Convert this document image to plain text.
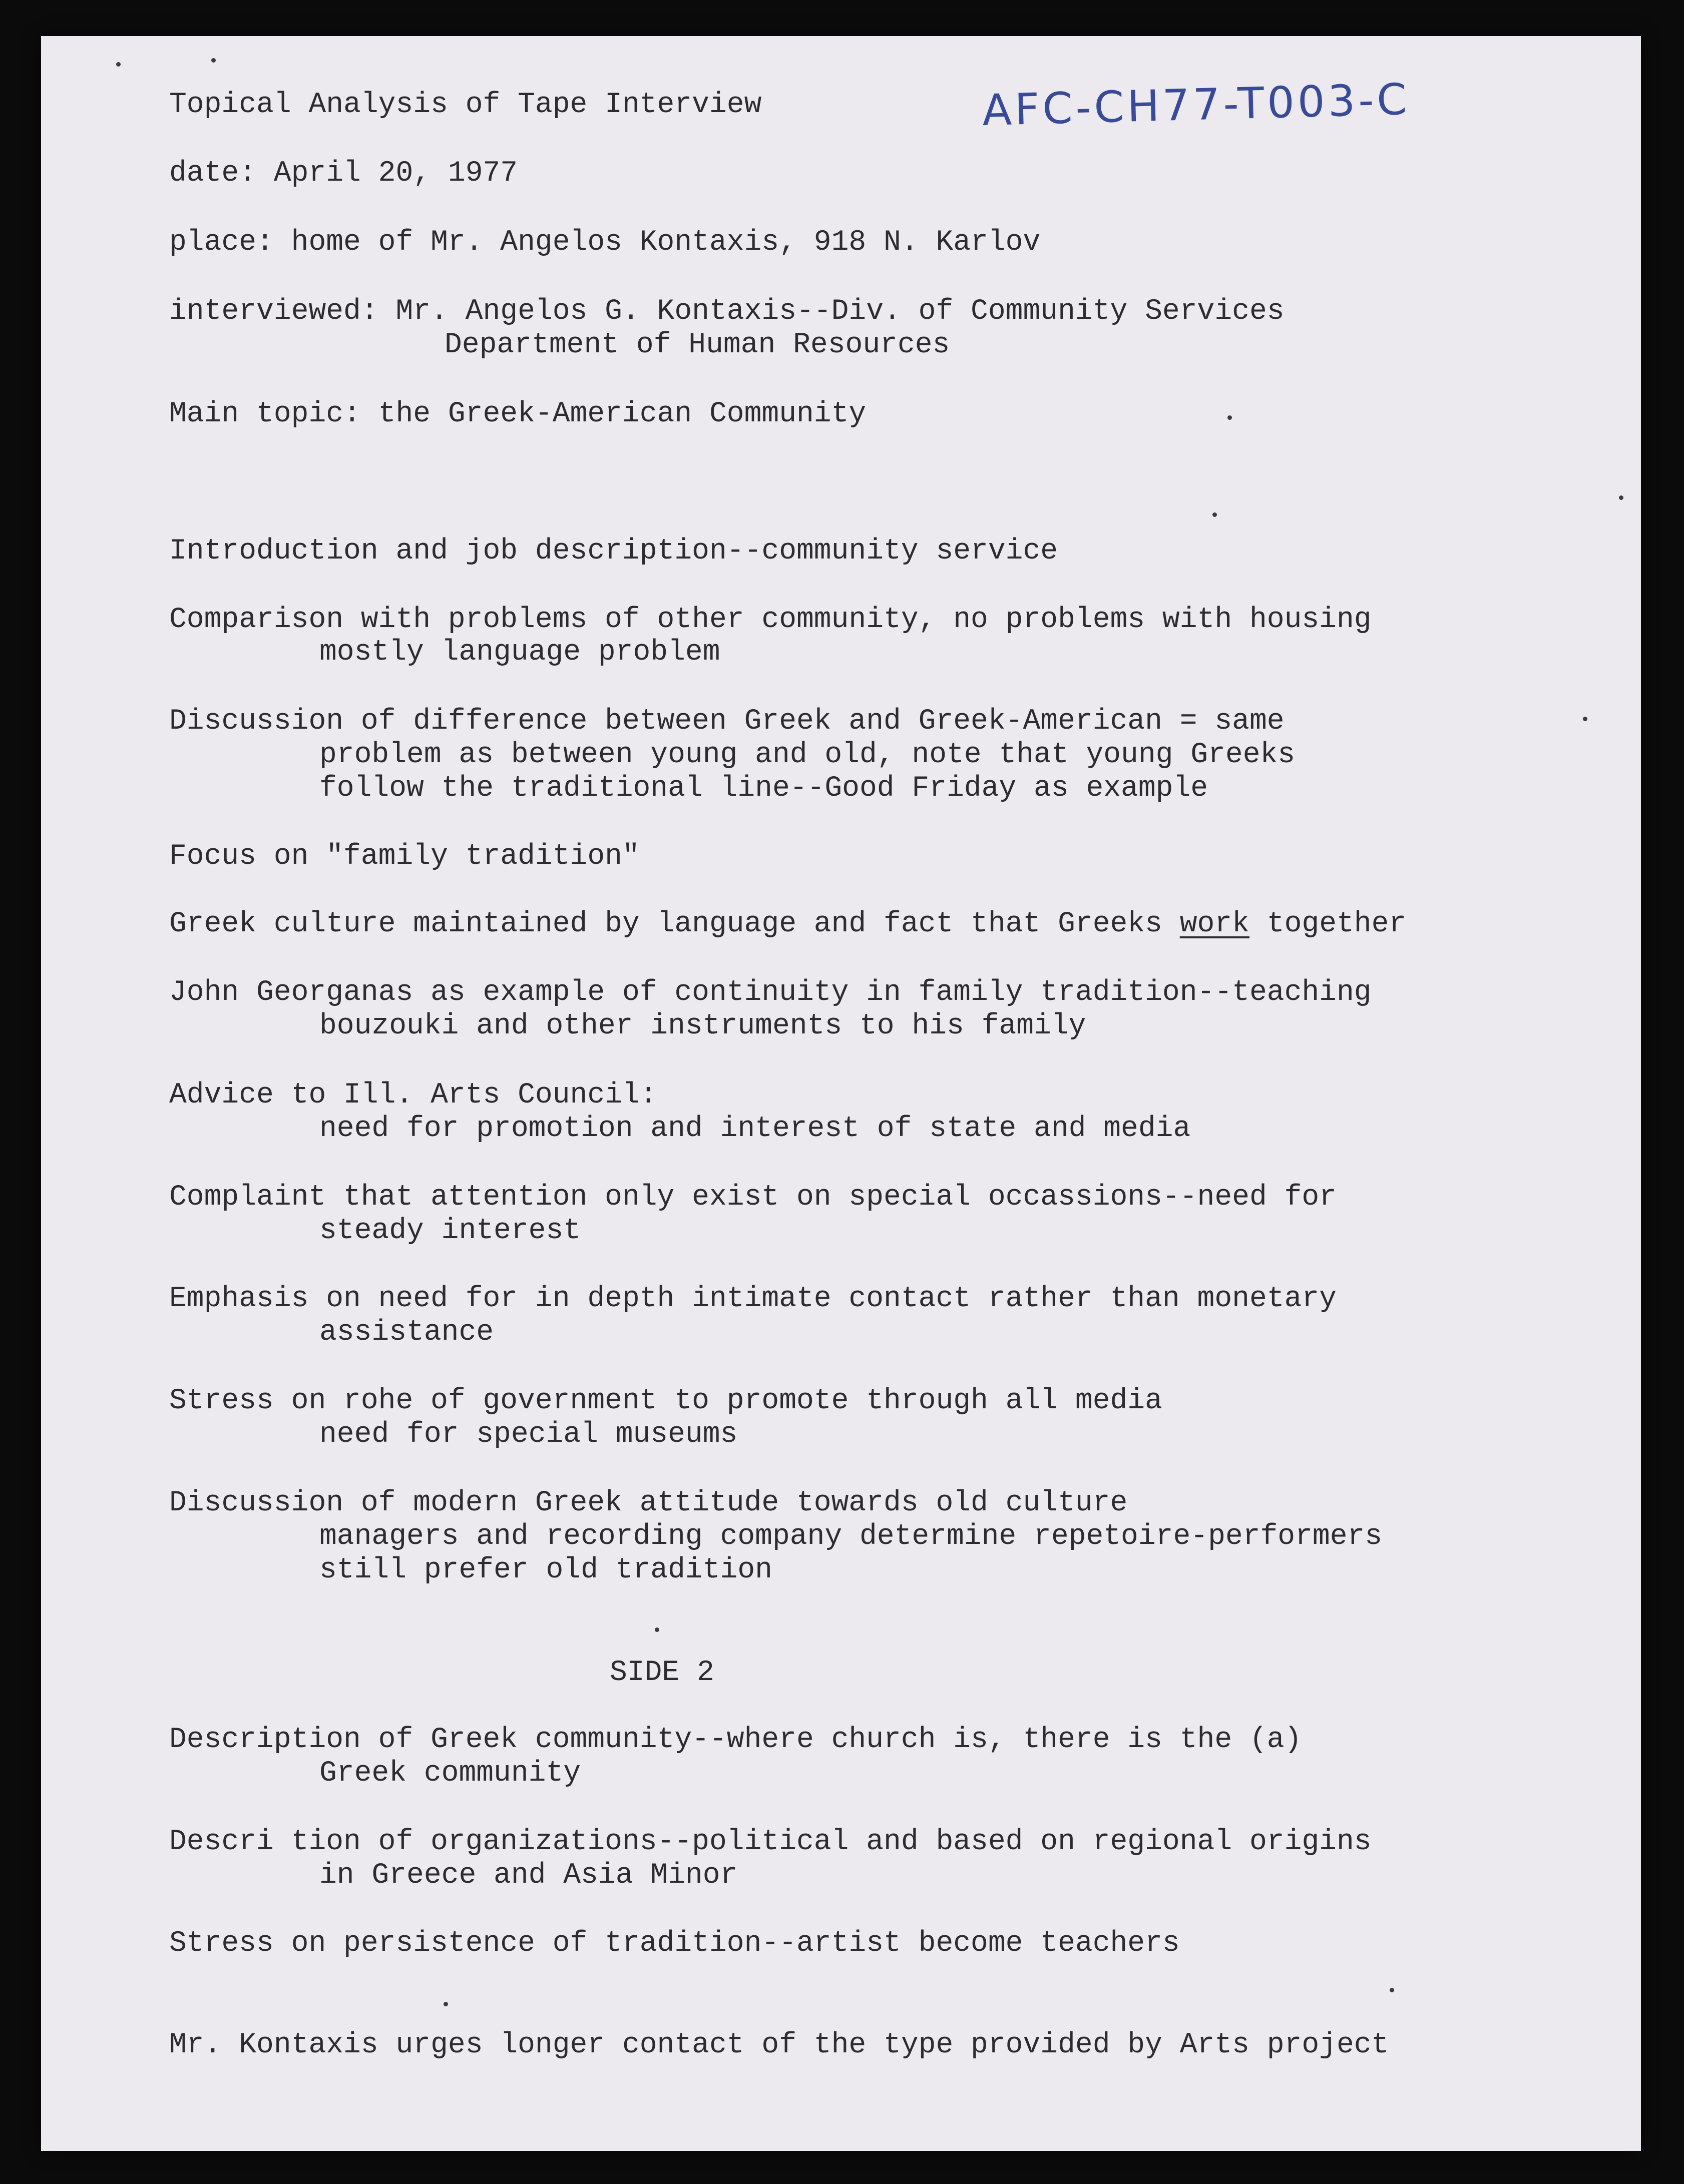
AFC-CH77-T003-C

Topical Analysis of Tape Interview

date: April 20, 1977

place: home of Mr. Angelos Kontaxis, 918 N. Karlov

interviewed: Mr. Angelos G. Kontaxis--Div. of Community Services

Department of Human Resources

Main topic: the Greek-American Community

Introduction and job description--community service

Comparison with problems of other community, no problems with housing

mostly language problem

Discussion of difference between Greek and Greek-American = same

problem as between young and old, note that young Greeks

follow the traditional line--Good Friday as example

Focus on "family tradition"

Greek culture maintained by language and fact that Greeks work together

John Georganas as example of continuity in family tradition--teaching

bouzouki and other instruments to his family

Advice to Ill. Arts Council:

need for promotion and interest of state and media

Complaint that attention only exist on special occassions--need for

steady interest

Emphasis on need for in depth intimate contact rather than monetary

assistance

Stress on rohe of government to promote through all media

need for special museums

Discussion of modern Greek attitude towards old culture

managers and recording company determine repetoire-performers

still prefer old tradition

SIDE 2

Description of Greek community--where church is, there is the (a)

Greek community

Descri tion of organizations--political and based on regional origins

in Greece and Asia Minor

Stress on persistence of tradition--artist become teachers

Mr. Kontaxis urges longer contact of the type provided by Arts project
